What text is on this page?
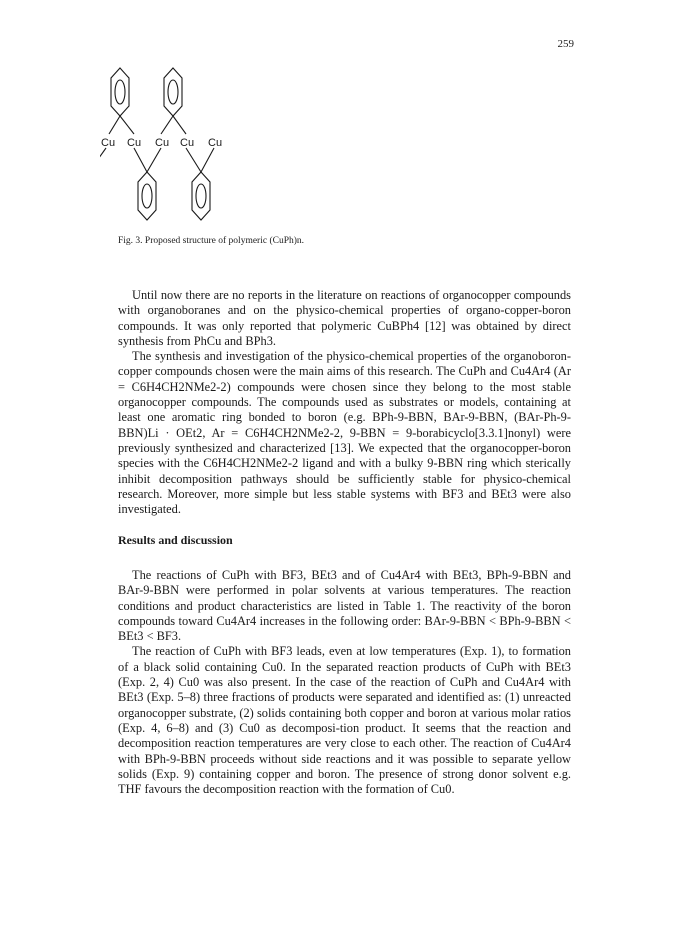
259
Cu Cu Cu Cu Cu
Fig. 3. Proposed structure of polymeric (CuPh)n.

Until now there are no reports in the literature on reactions of organocopper compounds with organoboranes and on the physico-chemical properties of organo-copper-boron compounds. It was only reported that polymeric CuBPh4 [12] was obtained by direct synthesis from PhCu and BPh3.

The synthesis and investigation of the physico-chemical properties of the organoboron-copper compounds chosen were the main aims of this research. The CuPh and Cu4Ar4 (Ar = C6H4CH2NMe2-2) compounds were chosen since they belong to the most stable organocopper compounds. The compounds used as substrates or models, containing at least one aromatic ring bonded to boron (e.g. BPh-9-BBN, BAr-9-BBN, (BAr-Ph-9-BBN)Li · OEt2, Ar = C6H4CH2NMe2-2, 9-BBN = 9-borabicyclo[3.3.1]nonyl) were previously synthesized and characterized [13]. We expected that the organocopper-boron species with the C6H4CH2NMe2-2 ligand and with a bulky 9-BBN ring which sterically inhibit decomposition pathways should be sufficiently stable for physico-chemical research. Moreover, more simple but less stable systems with BF3 and BEt3 were also investigated.

Results and discussion

The reactions of CuPh with BF3, BEt3 and of Cu4Ar4 with BEt3, BPh-9-BBN and BAr-9-BBN were performed in polar solvents at various temperatures. The reaction conditions and product characteristics are listed in Table 1. The reactivity of the boron compounds toward Cu4Ar4 increases in the following order: BAr-9-BBN < BPh-9-BBN < BEt3 < BF3.

The reaction of CuPh with BF3 leads, even at low temperatures (Exp. 1), to formation of a black solid containing Cu0. In the separated reaction products of CuPh with BEt3 (Exp. 2, 4) Cu0 was also present. In the case of the reaction of CuPh and Cu4Ar4 with BEt3 (Exp. 5–8) three fractions of products were separated and identified as: (1) unreacted organocopper substrate, (2) solids containing both copper and boron at various molar ratios (Exp. 4, 6–8) and (3) Cu0 as decomposi-tion product. It seems that the reaction and decomposition reaction temperatures are very close to each other. The reaction of Cu4Ar4 with BPh-9-BBN proceeds without side reactions and it was possible to separate yellow solids (Exp. 9) containing copper and boron. The presence of strong donor solvent e.g. THF favours the decomposition reaction with the formation of Cu0.
